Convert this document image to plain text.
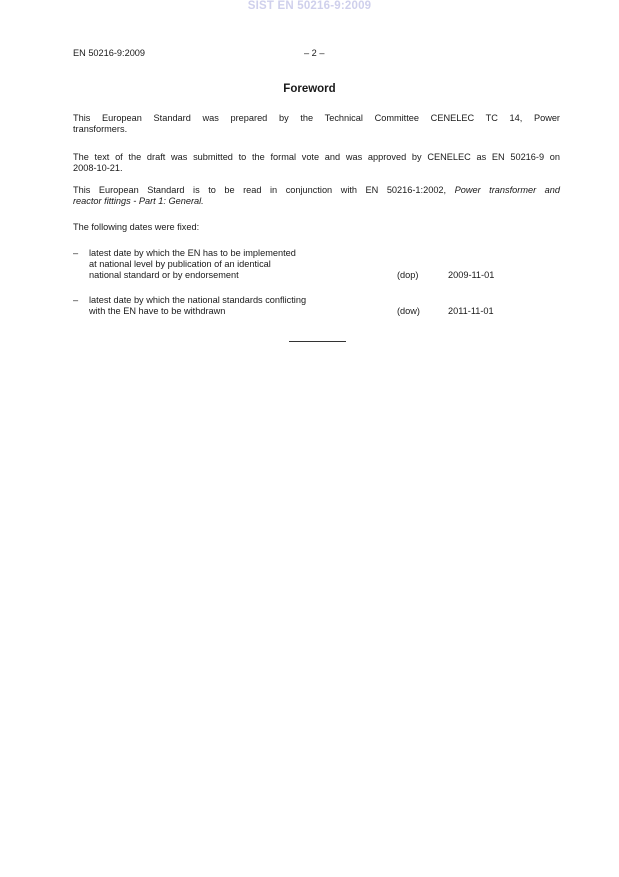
SIST EN 50216-9:2009
EN 50216-9:2009	– 2 –
Foreword
This European Standard was prepared by the Technical Committee CENELEC TC 14, Power
transformers.
The text of the draft was submitted to the formal vote and was approved by CENELEC as EN 50216-9 on
2008-10-21.
This European Standard is to be read in conjunction with EN 50216-1:2002, Power transformer and
reactor fittings - Part 1: General.
The following dates were fixed:
– latest date by which the EN has to be implemented
at national level by publication of an identical
national standard or by endorsement	(dop)	2009-11-01
– latest date by which the national standards conflicting
with the EN have to be withdrawn	(dow)	2011-11-01
